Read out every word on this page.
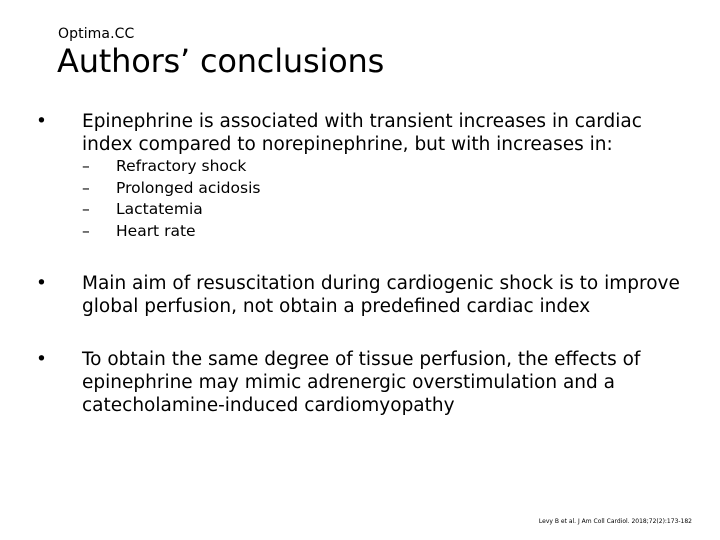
Optima.CC
Authors’ conclusions
•	Epinephrine is associated with transient increases in cardiac index compared to norepinephrine, but with increases in:
– Refractory shock
– Prolonged acidosis
– Lactatemia
– Heart rate
•	Main aim of resuscitation during cardiogenic shock is to improve global perfusion, not obtain a predefined cardiac index
•	To obtain the same degree of tissue perfusion, the effects of epinephrine may mimic adrenergic overstimulation and a catecholamine-induced cardiomyopathy
Levy B et al. J Am Coll Cardiol. 2018;72(2):173-182
